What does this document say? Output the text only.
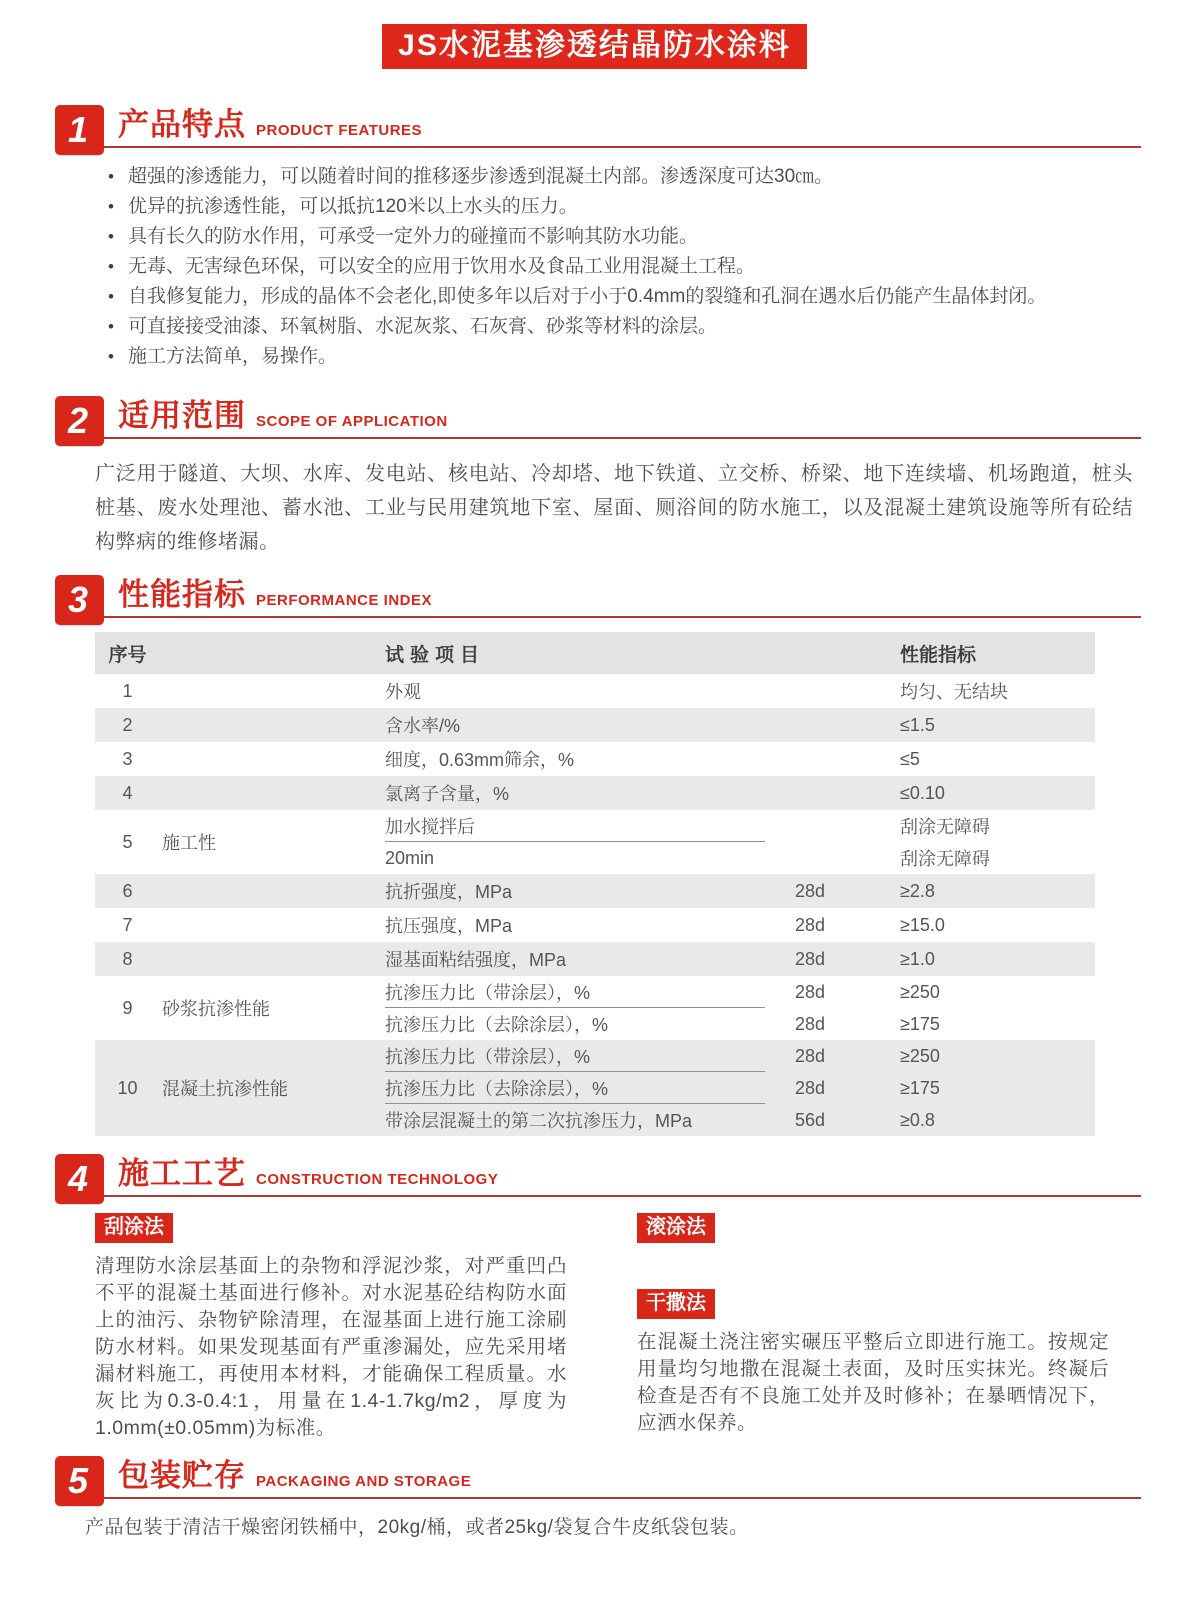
JS水泥基渗透结晶防水涂料
1 产品特点 PRODUCT FEATURES
• 超强的渗透能力，可以随着时间的推移逐步渗透到混凝土内部。渗透深度可达30㎝。
• 优异的抗渗透性能，可以抵抗120米以上水头的压力。
• 具有长久的防水作用，可承受一定外力的碰撞而不影响其防水功能。
• 无毒、无害绿色环保，可以安全的应用于饮用水及食品工业用混凝土工程。
• 自我修复能力，形成的晶体不会老化,即使多年以后对于小于0.4mm的裂缝和孔洞在遇水后仍能产生晶体封闭。
• 可直接接受油漆、环氧树脂、水泥灰浆、石灰膏、砂浆等材料的涂层。
• 施工方法简单，易操作。
2 适用范围 SCOPE OF APPLICATION

广泛用于隧道、大坝、水库、发电站、核电站、冷却塔、地下铁道、立交桥、桥梁、地下连续墙、机场跑道，桩头桩基、废水处理池、蓄水池、工业与民用建筑地下室、屋面、厕浴间的防水施工，以及混凝土建筑设施等所有砼结构弊病的维修堵漏。

3 性能指标 PERFORMANCE INDEX
序号	试验项目	性能指标
1	外观	均匀、无结块
2	含水率/%	≤1.5
3	细度，0.63mm筛余，%	≤5
4	氯离子含量，%	≤0.10
5	施工性
加水搅拌后	刮涂无障碍
20min	刮涂无障碍
6	抗折强度，MPa	28d	≥2.8
7	抗压强度，MPa	28d	≥15.0
8	湿基面粘结强度，MPa	28d	≥1.0
9	砂浆抗渗性能
抗渗压力比（带涂层），%	28d	≥250
抗渗压力比（去除涂层），%	28d	≥175
10	混凝土抗渗性能
抗渗压力比（带涂层），%	28d	≥250
抗渗压力比（去除涂层），%	28d	≥175
带涂层混凝土的第二次抗渗压力，MPa	56d	≥0.8
4 施工工艺 CONSTRUCTION TECHNOLOGY
刮涂法

清理防水涂层基面上的杂物和浮泥沙浆，对严重凹凸不平的混凝土基面进行修补。对水泥基砼结构防水面上的油污、杂物铲除清理，在湿基面上进行施工涂刷防水材料。如果发现基面有严重渗漏处，应先采用堵漏材料施工，再使用本材料，才能确保工程质量。水灰比为0.3-0.4:1，用量在1.4-1.7kg/m2，厚度为1.0mm(±0.05mm)为标准。

滚涂法
干撒法

在混凝土浇注密实碾压平整后立即进行施工。按规定用量均匀地撒在混凝土表面，及时压实抹光。终凝后检查是否有不良施工处并及时修补；在暴晒情况下，应洒水保养。

5 包装贮存 PACKAGING AND STORAGE

产品包装于清洁干燥密闭铁桶中，20kg/桶，或者25kg/袋复合牛皮纸袋包装。
